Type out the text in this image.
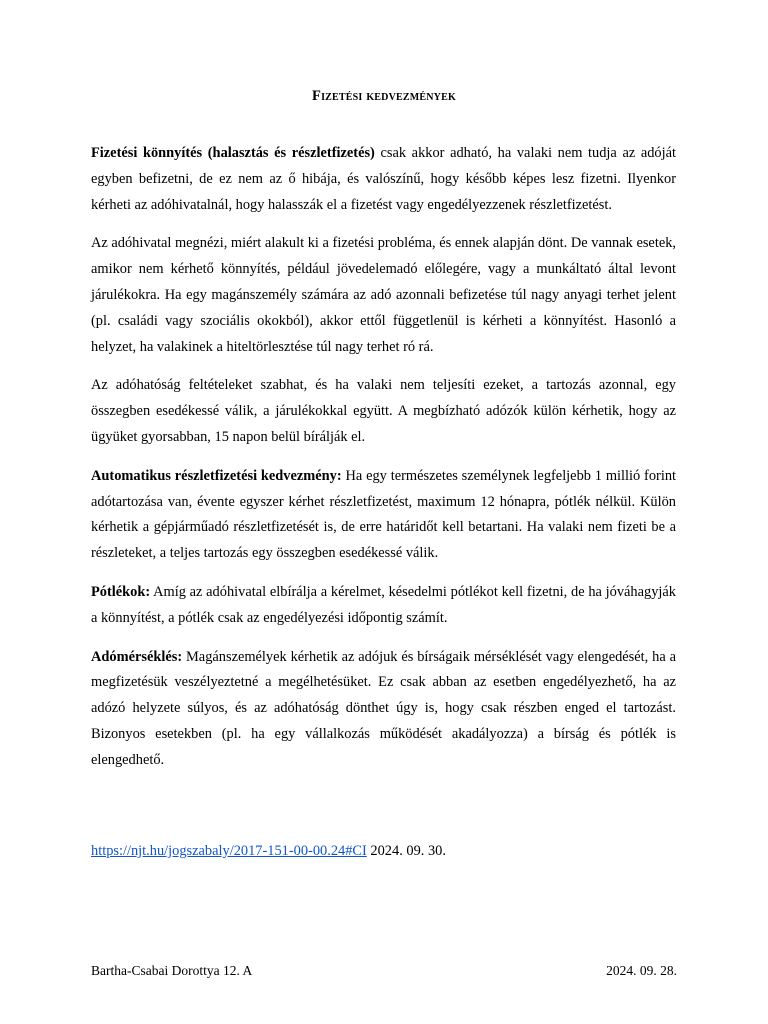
Fizetési kedvezmények

Fizetési könnyítés (halasztás és részletfizetés) csak akkor adható, ha valaki nem tudja az adóját egyben befizetni, de ez nem az ő hibája, és valószínű, hogy később képes lesz fizetni. Ilyenkor kérheti az adóhivatalnál, hogy halasszák el a fizetést vagy engedélyezzenek részletfizetést.

Az adóhivatal megnézi, miért alakult ki a fizetési probléma, és ennek alapján dönt. De vannak esetek, amikor nem kérhető könnyítés, például jövedelemadó előlegére, vagy a munkáltató által levont járulékokra. Ha egy magánszemély számára az adó azonnali befizetése túl nagy anyagi terhet jelent (pl. családi vagy szociális okokból), akkor ettől függetlenül is kérheti a könnyítést. Hasonló a helyzet, ha valakinek a hiteltörlesztése túl nagy terhet ró rá.

Az adóhatóság feltételeket szabhat, és ha valaki nem teljesíti ezeket, a tartozás azonnal, egy összegben esedékessé válik, a járulékokkal együtt. A megbízható adózók külön kérhetik, hogy az ügyüket gyorsabban, 15 napon belül bírálják el.

Automatikus részletfizetési kedvezmény: Ha egy természetes személynek legfeljebb 1 millió forint adótartozása van, évente egyszer kérhet részletfizetést, maximum 12 hónapra, pótlék nélkül. Külön kérhetik a gépjárműadó részletfizetését is, de erre határidőt kell betartani. Ha valaki nem fizeti be a részleteket, a teljes tartozás egy összegben esedékessé válik.

Pótlékok: Amíg az adóhivatal elbírálja a kérelmet, késedelmi pótlékot kell fizetni, de ha jóváhagyják a könnyítést, a pótlék csak az engedélyezési időpontig számít.

Adómérséklés: Magánszemélyek kérhetik az adójuk és bírságaik mérséklését vagy elengedését, ha a megfizetésük veszélyeztetné a megélhetésüket. Ez csak abban az esetben engedélyezhető, ha az adózó helyzete súlyos, és az adóhatóság dönthet úgy is, hogy csak részben enged el tartozást. Bizonyos esetekben (pl. ha egy vállalkozás működését akadályozza) a bírság és pótlék is elengedhető.

https://njt.hu/jogszabaly/2017-151-00-00.24#CI 2024. 09. 30.
Bartha-Csabai Dorottya 12. A	2024. 09. 28.
